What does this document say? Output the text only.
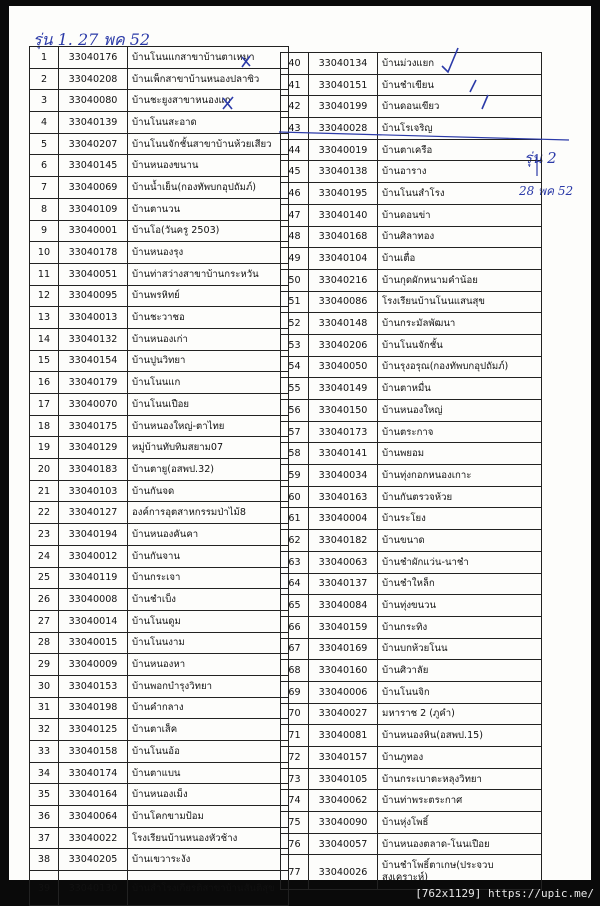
รุ่น 1. 27 พค 52
รุ่น 2
28 พค 52
1	33040176	บ้านโนนแกสาขาบ้านตาเหมา
2	33040208	บ้านเพ็กสาขาบ้านหนองปลาซิว
3	33040080	บ้านชะยูงสาขาหนองแก
4	33040139	บ้านโนนสะอาด
5	33040207	บ้านโนนจักชั้นสาขาบ้านห้วยเสียว
6	33040145	บ้านหนองขนาน
7	33040069	บ้านน้ำเย็น(กองทัพบกอุปถัมภ์)
8	33040109	บ้านตานวน
9	33040001	บ้านโอ(วันครู 2503)
10	33040178	บ้านหนองรุง
11	33040051	บ้านท่าสว่างสาขาบ้านกระหวัน
12	33040095	บ้านพรหิทย์
13	33040013	บ้านชะวาชอ
14	33040132	บ้านหนองเก่า
15	33040154	บ้านปูนวิทยา
16	33040179	บ้านโนนแก
17	33040070	บ้านโนนเปือย
18	33040175	บ้านหนองใหญ่-ตาไทย
19	33040129	หมู่บ้านทับทิมสยาม07
20	33040183	บ้านตายู(อสพป.32)
21	33040103	บ้านกันจด
22	33040127	องค์การอุตสาหกรรมป่าไม้8
23	33040194	บ้านหนองคันคา
24	33040012	บ้านกันจาน
25	33040119	บ้านกระเจา
26	33040008	บ้านชำเบ็ง
27	33040014	บ้านโนนดูม
28	33040015	บ้านโนนงาม
29	33040009	บ้านหนองหา
30	33040153	บ้านพอกบำรุงวิทยา
31	33040198	บ้านคำกลาง
32	33040125	บ้านตาเส็ค
33	33040158	บ้านโนนอ้อ
34	33040174	บ้านตาแบน
35	33040164	บ้านหนองเม็ง
36	33040064	บ้านโคกขามป้อม
37	33040022	โรงเรียนบ้านหนองหัวช้าง
38	33040205	บ้านเขวาระงัง
39	33040130	บ้านสำโรงเกียรติสาขาบ้านสันติสุข
40	33040134	บ้านม่วงแยก
41	33040151	บ้านชำเขียน
42	33040199	บ้านดอนเขียว
43	33040028	บ้านโรเจริญ
44	33040019	บ้านตาเครือ
45	33040138	บ้านอาราง
46	33040195	บ้านโนนสำโรง
47	33040140	บ้านดอนข่า
48	33040168	บ้านศิลาทอง
49	33040104	บ้านเตื่อ
50	33040216	บ้านกุดผักหนามคำน้อย
51	33040086	โรงเรียนบ้านโนนแสนสุข
52	33040148	บ้านกระมัลพัฒนา
53	33040206	บ้านโนนจักชั้น
54	33040050	บ้านรุงอรุณ(กองทัพบกอุปถัมภ์)
55	33040149	บ้านตาหมื่น
56	33040150	บ้านหนองใหญ่
57	33040173	บ้านตระกาจ
58	33040141	บ้านพยอม
59	33040034	บ้านทุ่งกอกหนองเกาะ
60	33040163	บ้านกันตรวจห้วย
61	33040004	บ้านระโยง
62	33040182	บ้านขนาด
63	33040063	บ้านชำผักแว่น-นาชำ
64	33040137	บ้านชำใหล็ก
65	33040084	บ้านทุ่งขนวน
66	33040159	บ้านกระทิง
67	33040169	บ้านบกห้วยโนน
68	33040160	บ้านศิวาลัย
69	33040006	บ้านโนนจิก
70	33040027	มหาราช 2 (ภูคำ)
71	33040081	บ้านหนองหิน(อสพป.15)
72	33040157	บ้านภูทอง
73	33040105	บ้านกระเบาตะหลุงวิทยา
74	33040062	บ้านท่าพระตระกาศ
75	33040090	บ้านหุ่งโพธิ์
76	33040057	บ้านหนองตลาด-โนนเปือย
77	33040026	บ้านชำโพธิ์ตาเกษ(ประจวบสงเคราะห์)
[762x1129] https://upic.me/
